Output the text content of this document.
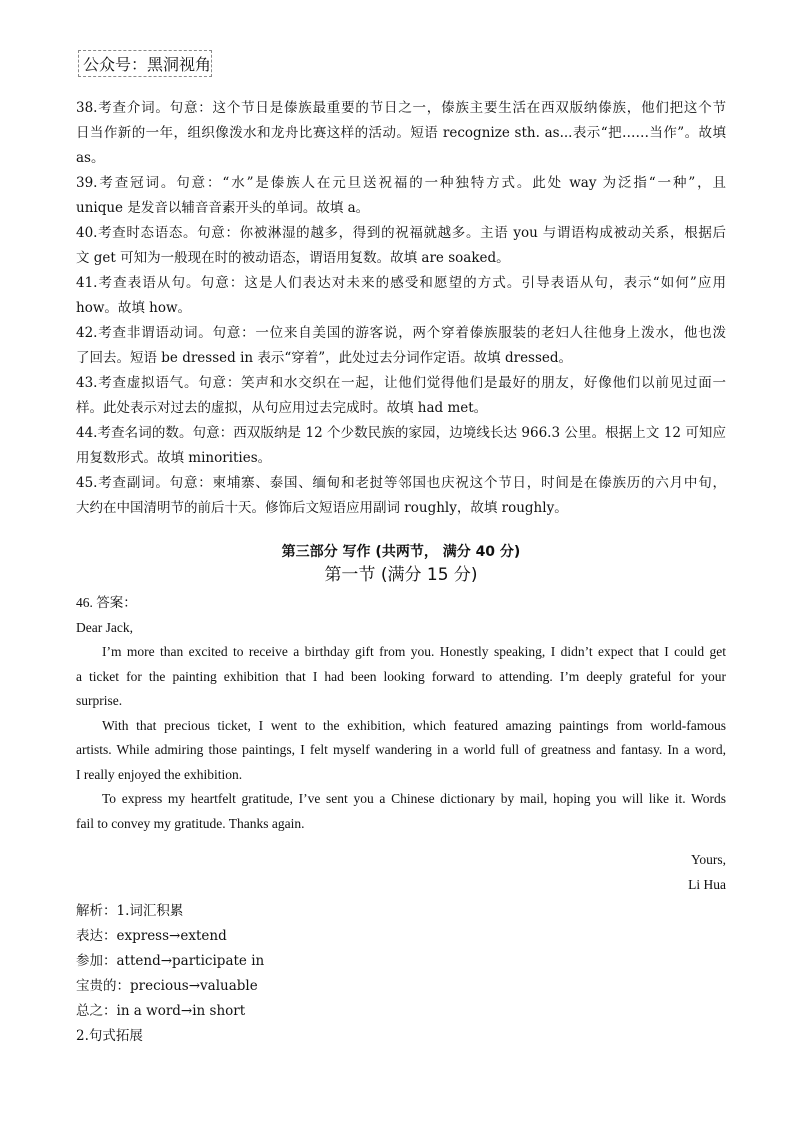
公众号：黑洞视角
38.考查介词。句意：这个节日是傣族最重要的节日之一，傣族主要生活在西双版纳傣族，他们把这个节
日当作新的一年，组织像泼水和龙舟比赛这样的活动。短语 recognize sth. as...表示“把……当作”。故填
as。
39.考查冠词。句意：“水”是傣族人在元旦送祝福的一种独特方式。此处 way 为泛指“一种”，且
unique 是发音以辅音音素开头的单词。故填 a。
40.考查时态语态。句意：你被淋湿的越多，得到的祝福就越多。主语 you 与谓语构成被动关系，根据后
文 get 可知为一般现在时的被动语态，谓语用复数。故填 are soaked。
41.考查表语从句。句意：这是人们表达对未来的感受和愿望的方式。引导表语从句，表示“如何”应用
how。故填 how。
42.考查非谓语动词。句意：一位来自美国的游客说，两个穿着傣族服装的老妇人往他身上泼水，他也泼
了回去。短语 be dressed in 表示“穿着”，此处过去分词作定语。故填 dressed。
43.考查虚拟语气。句意：笑声和水交织在一起，让他们觉得他们是最好的朋友，好像他们以前见过面一
样。此处表示对过去的虚拟，从句应用过去完成时。故填 had met。
44.考查名词的数。句意：西双版纳是 12 个少数民族的家园，边境线长达 966.3 公里。根据上文 12 可知应
用复数形式。故填 minorities。
45.考查副词。句意：柬埔寨、泰国、缅甸和老挝等邻国也庆祝这个节日，时间是在傣族历的六月中旬，
大约在中国清明节的前后十天。修饰后文短语应用副词 roughly，故填 roughly。
第三部分 写作 (共两节， 满分 40 分)
第一节 (满分 15 分)
46. 答案：
Dear Jack,
I’m more than excited to receive a birthday gift from you. Honestly speaking, I didn’t expect that I could get
a ticket for the painting exhibition that I had been looking forward to attending. I’m deeply grateful for your
surprise.
With that precious ticket, I went to the exhibition, which featured amazing paintings from world-famous
artists. While admiring those paintings, I felt myself wandering in a world full of greatness and fantasy. In a word,
I really enjoyed the exhibition.
To express my heartfelt gratitude, I’ve sent you a Chinese dictionary by mail, hoping you will like it. Words
fail to convey my gratitude. Thanks again.
Yours,
Li Hua
解析：1.词汇积累
表达：express→extend
参加：attend→participate in
宝贵的：precious→valuable
总之：in a word→in short
2.句式拓展
